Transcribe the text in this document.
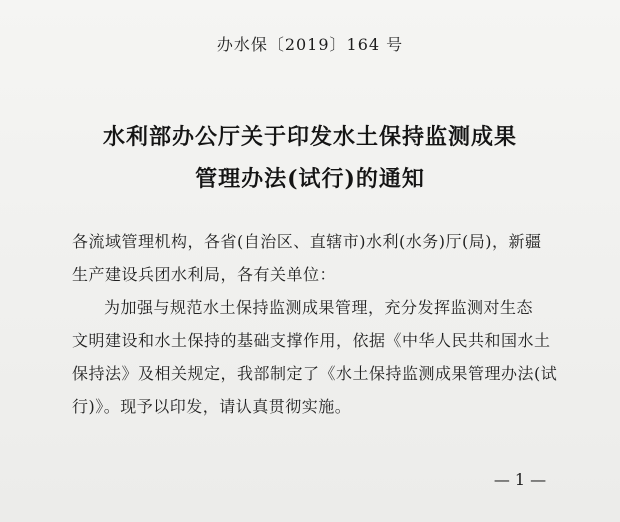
办水保〔2019〕164 号
水利部办公厅关于印发水土保持监测成果
管理办法(试行)的通知
各流域管理机构，各省(自治区、直辖市)水利(水务)厅(局)，新疆
生产建设兵团水利局，各有关单位：
为加强与规范水土保持监测成果管理，充分发挥监测对生态
文明建设和水土保持的基础支撑作用，依据《中华人民共和国水土
保持法》及相关规定，我部制定了《水土保持监测成果管理办法(试
行)》。现予以印发，请认真贯彻实施。
— 1 —
